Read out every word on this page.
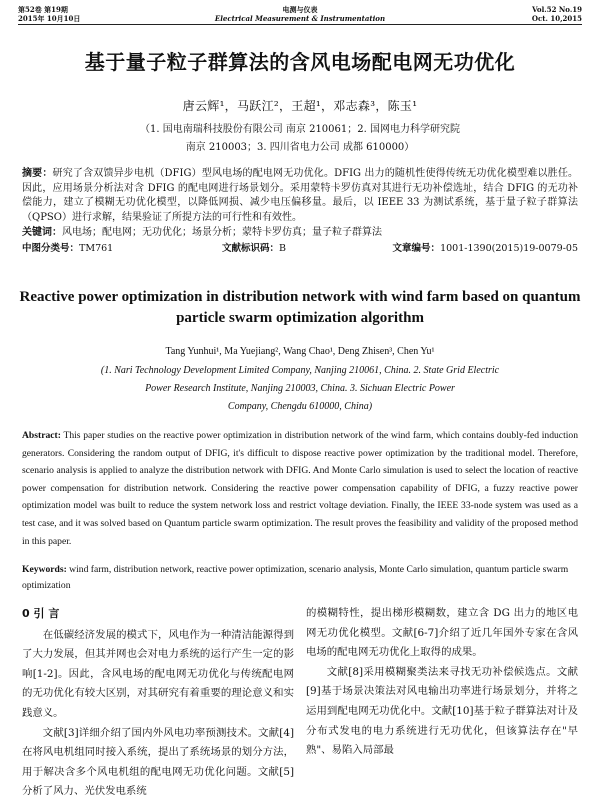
第52卷 第19期
2015年 10月10日
电测与仪表
Electrical Measurement & Instrumentation
Vol.52 No.19
Oct. 10,2015
基于量子粒子群算法的含风电场配电网无功优化
唐云辉¹，马跃江²，王超¹，邓志森³，陈玉¹
（1. 国电南瑞科技股份有限公司 南京 210061；2. 国网电力科学研究院
南京 210003；3. 四川省电力公司 成都 610000）
摘要：研究了含双馈异步电机（DFIG）型风电场的配电网无功优化。DFIG 出力的随机性使得传统无功优化模型难以胜任。因此，应用场景分析法对含 DFIG 的配电网进行场景划分。采用蒙特卡罗仿真对其进行无功补偿选址，结合 DFIG 的无功补偿能力，建立了模糊无功优化模型，以降低网损、减少电压偏移量。最后，以 IEEE 33 为测试系统，基于量子粒子群算法（QPSO）进行求解，结果验证了所提方法的可行性和有效性。
关键词：风电场；配电网；无功优化；场景分析；蒙特卡罗仿真；量子粒子群算法
中图分类号：TM761	文献标识码：B	文章编号：1001-1390(2015)19-0079-05
Reactive power optimization in distribution network with wind farm based on quantum particle swarm optimization algorithm
Tang Yunhui¹, Ma Yuejiang², Wang Chao¹, Deng Zhisen³, Chen Yu¹
(1. Nari Technology Development Limited Company, Nanjing 210061, China. 2. State Grid Electric
Power Research Institute, Nanjing 210003, China. 3. Sichuan Electric Power
Company, Chengdu 610000, China)
Abstract: This paper studies on the reactive power optimization in distribution network of the wind farm, which contains doubly-fed induction generators. Considering the random output of DFIG, it's difficult to dispose reactive power optimization by the traditional model. Therefore, scenario analysis is applied to analyze the distribution network with DFIG. And Monte Carlo simulation is used to select the location of reactive power compensation for distribution network. Considering the reactive power compensation capability of DFIG, a fuzzy reactive power optimization model was built to reduce the system network loss and restrict voltage deviation. Finally, the IEEE 33-node system was used as a test case, and it was solved based on Quantum particle swarm optimization. The result proves the feasibility and validity of the proposed method in this paper.
Keywords: wind farm, distribution network, reactive power optimization, scenario analysis, Monte Carlo simulation, quantum particle swarm optimization
0 引 言

在低碳经济发展的模式下，风电作为一种清洁能源得到了大力发展，但其并网也会对电力系统的运行产生一定的影响[1-2]。因此，含风电场的配电网无功优化与传统配电网的无功优化有较大区别，对其研究有着重要的理论意义和实践意义。

文献[3]详细介绍了国内外风电功率预测技术。文献[4]在将风电机组同时接入系统，提出了系统场景的划分方法，用于解决含多个风电机组的配电网无功优化问题。文献[5]分析了风力、光伏发电系统

的模糊特性，提出梯形模糊数，建立含 DG 出力的地区电网无功优化模型。文献[6-7]介绍了近几年国外专家在含风电场的配电网无功优化上取得的成果。

文献[8]采用模糊聚类法来寻找无功补偿候选点。文献[9]基于场景决策法对风电输出功率进行场景划分，并将之运用到配电网无功优化中。文献[10]基于粒子群算法对计及分布式发电的电力系统进行无功优化，但该算法存在"早熟"、易陷入局部最
